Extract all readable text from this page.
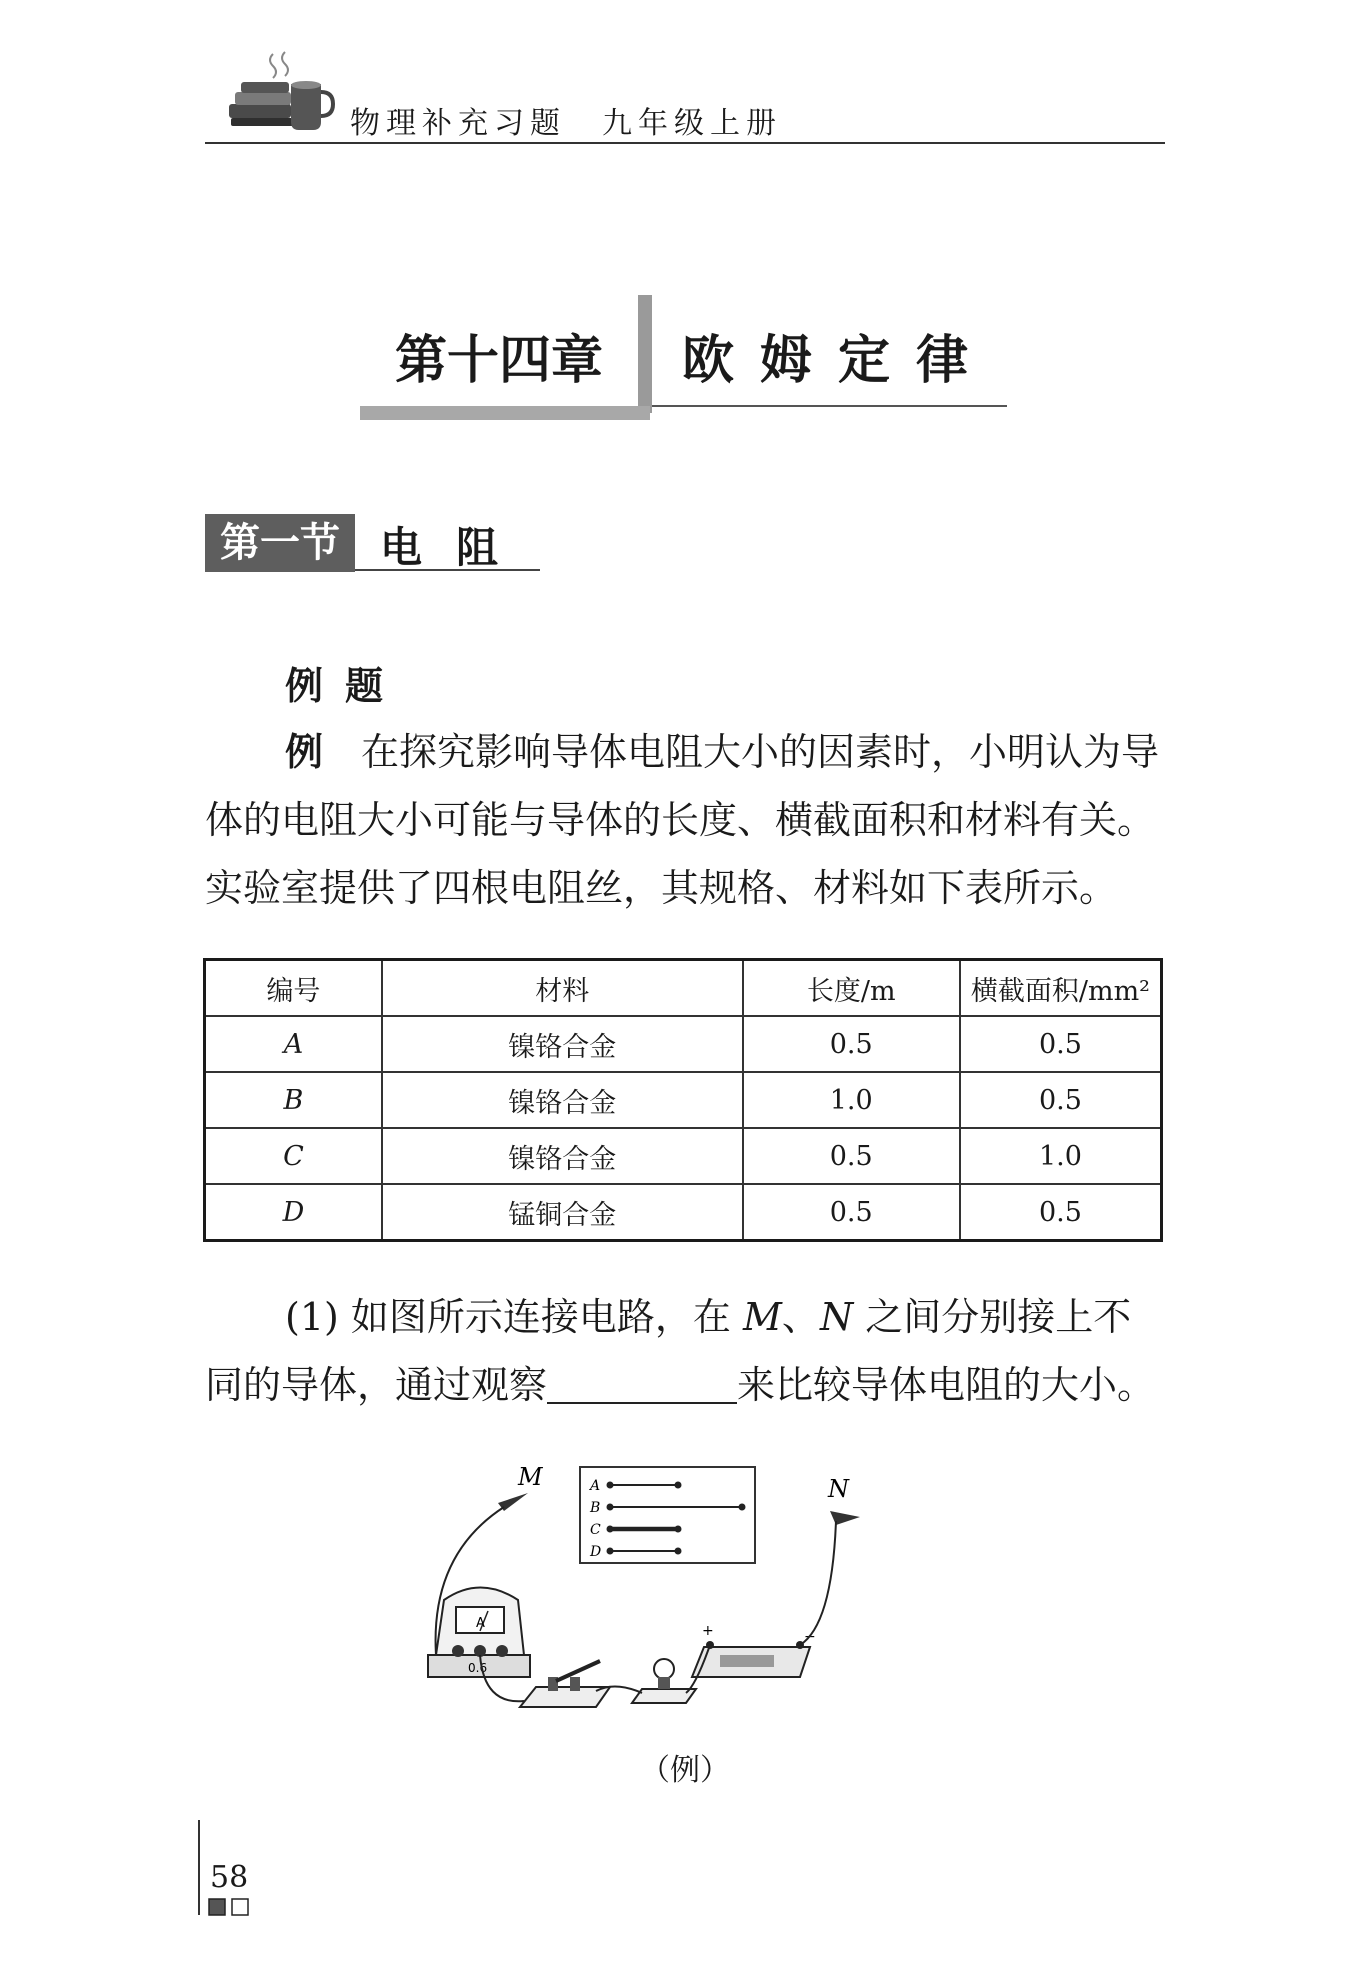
物理补充习题　九年级上册
第十四章 欧姆定律
第一节 电阻
例题
例　 在探究影响导体电阻大小的因素时，小明认为导体的电阻大小可能与导体的长度、横截面积和材料有关。实验室提供了四根电阻丝，其规格、材料如下表所示。
编号	材料	长度/m	横截面积/mm²
A	镍铬合金	0.5	0.5
B	镍铬合金	1.0	0.5
C	镍铬合金	0.5	1.0
D	锰铜合金	0.5	0.5
(1) 如图所示连接电路，在 M、N 之间分别接上不同的导体，通过观察	来比较导体电阻的大小。
A
B
C
D
M	N
A
0.6
+	−
（例）
58
